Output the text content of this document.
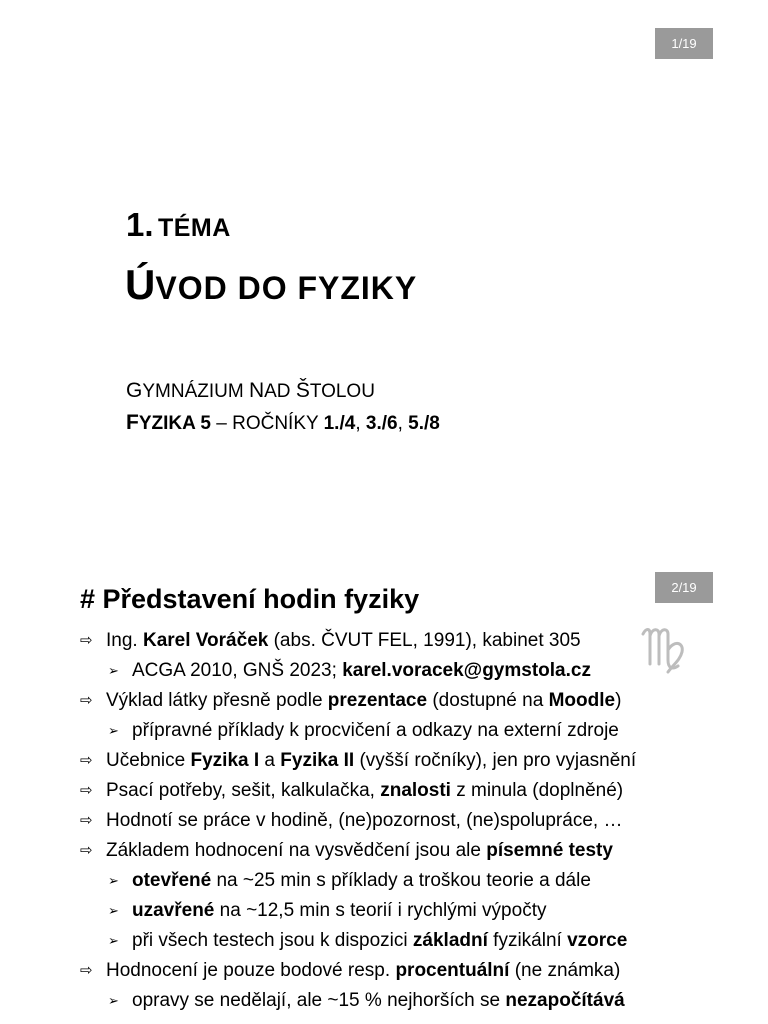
1/19
1. TÉMA
ÚVOD DO FYZIKY
GYMNÁZIUM NAD ŠTOLOU
FYZIKA 5 – ROČNÍKY 1./4, 3./6, 5./8
2/19
# Představení hodin fyziky
⇨ Ing. Karel Voráček (abs. ČVUT FEL, 1991), kabinet 305
➢ ACGA 2010, GNŠ 2023; karel.voracek@gymstola.cz
⇨ Výklad látky přesně podle prezentace (dostupné na Moodle)
➢ přípravné příklady k procvičení a odkazy na externí zdroje
⇨ Učebnice Fyzika I a Fyzika II (vyšší ročníky), jen pro vyjasnění
⇨ Psací potřeby, sešit, kalkulačka, znalosti z minula (doplněné)
⇨ Hodnotí se práce v hodině, (ne)pozornost, (ne)spolupráce, …
⇨ Základem hodnocení na vysvědčení jsou ale písemné testy
➢ otevřené na ~25 min s příklady a troškou teorie a dále
➢ uzavřené na ~12,5 min s teorií i rychlými výpočty
➢ při všech testech jsou k dispozici základní fyzikální vzorce
⇨ Hodnocení je pouze bodové resp. procentuální (ne známka)
➢ opravy se nedělají, ale ~15 % nejhorších se nezapočítává
